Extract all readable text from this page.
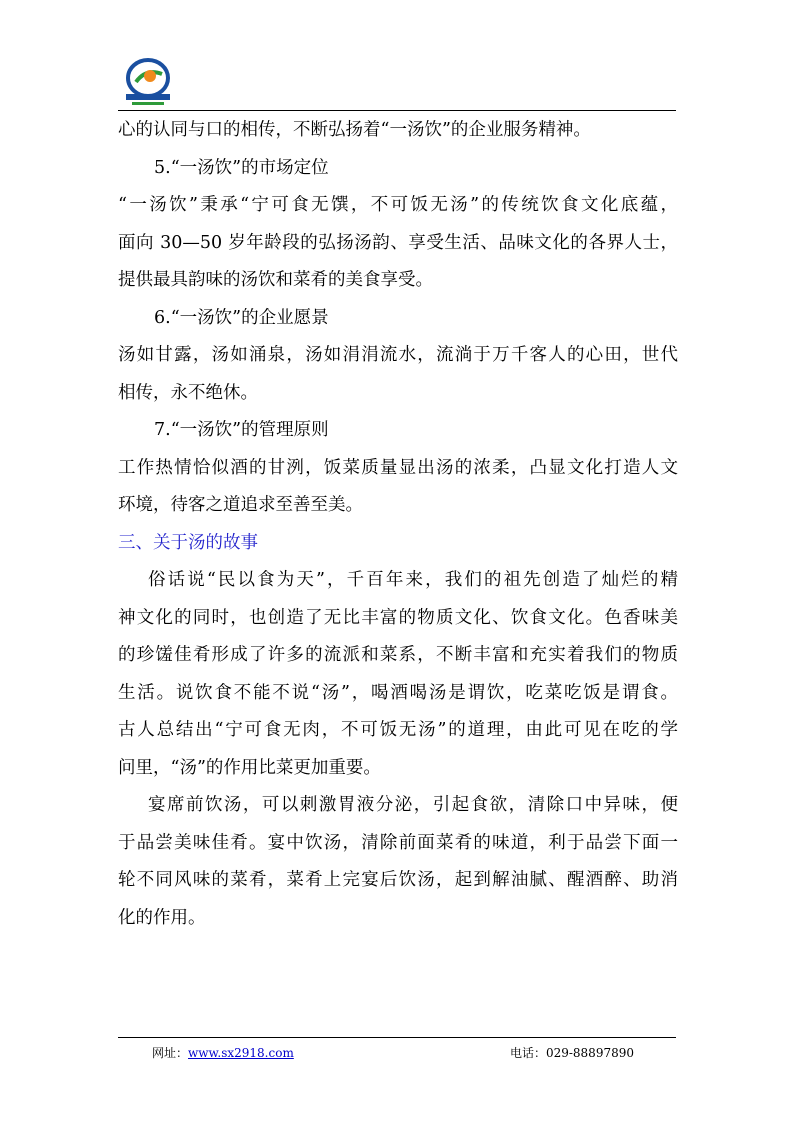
心的认同与口的相传，不断弘扬着“一汤饮”的企业服务精神。
5.“一汤饮”的市场定位
“一汤饮”秉承“宁可食无馔，不可饭无汤”的传统饮食文化底蕴，
面向 30—50 岁年龄段的弘扬汤韵、享受生活、品味文化的各界人士，
提供最具韵味的汤饮和菜肴的美食享受。
6.“一汤饮”的企业愿景
汤如甘露，汤如涌泉，汤如涓涓流水，流淌于万千客人的心田，世代
相传，永不绝休。
7.“一汤饮”的管理原则
工作热情恰似酒的甘洌，饭菜质量显出汤的浓柔，凸显文化打造人文
环境，待客之道追求至善至美。
三、关于汤的故事
俗话说“民以食为天”，千百年来，我们的祖先创造了灿烂的精
神文化的同时，也创造了无比丰富的物质文化、饮食文化。色香味美
的珍馐佳肴形成了许多的流派和菜系，不断丰富和充实着我们的物质
生活。说饮食不能不说“汤”，喝酒喝汤是谓饮，吃菜吃饭是谓食。
古人总结出“宁可食无肉，不可饭无汤”的道理，由此可见在吃的学
问里，“汤”的作用比菜更加重要。
宴席前饮汤，可以刺激胃液分泌，引起食欲，清除口中异味，便
于品尝美味佳肴。宴中饮汤，清除前面菜肴的味道，利于品尝下面一
轮不同风味的菜肴，菜肴上完宴后饮汤，起到解油腻、醒酒醉、助消
化的作用。
网址：www.sx2918.com	电话：029-88897890
